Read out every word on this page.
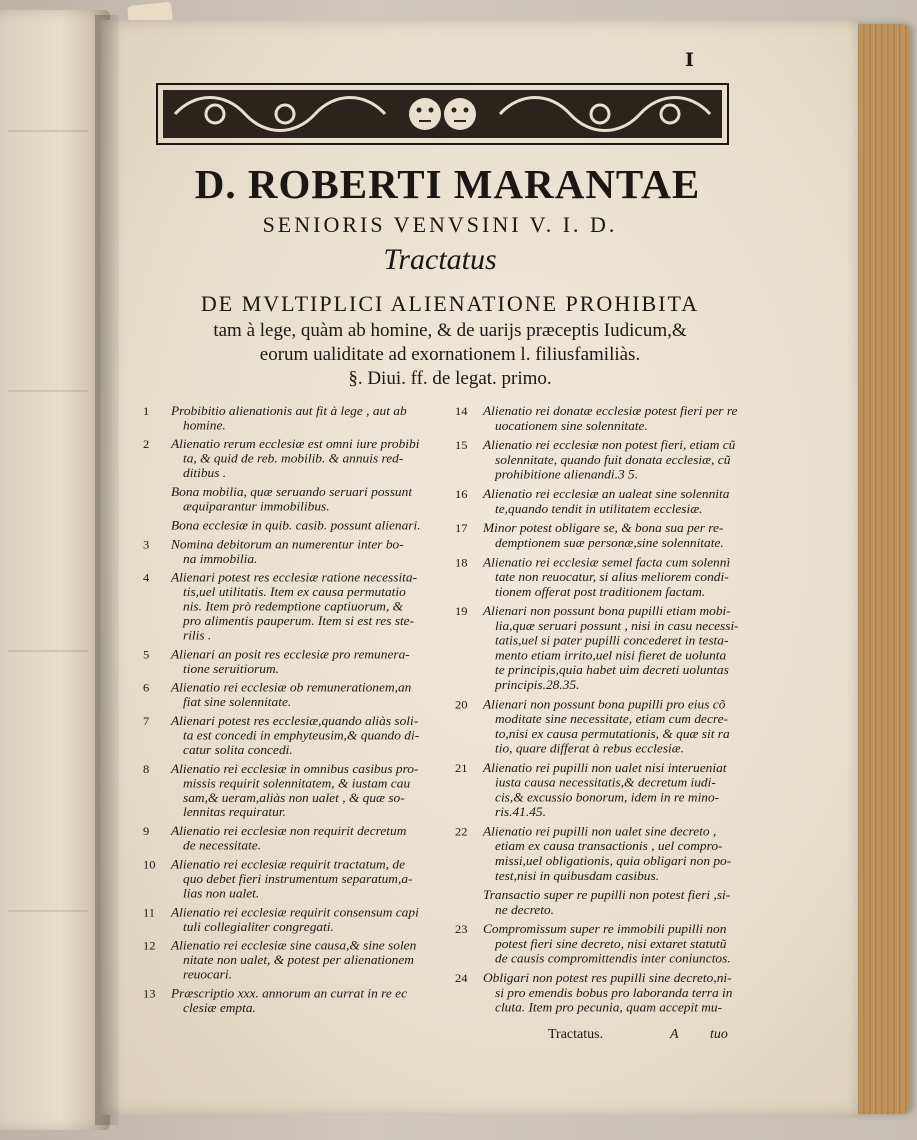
I
D. ROBERTI MARANTAE
SENIORIS VENVSINI V. I. D.
Tractatus
DE MVLTIPLICI ALIENATIONE PROHIBITA
tam à lege, quàm ab homine, & de uarijs præceptis Iudicum,&
eorum ualiditate ad exornationem l. filiusfamiliàs.
§. Diui. ff. de legat. primo.
1	Probibitio alienationis aut fit à lege , aut ab
homine.
2	Alienatio rerum ecclesiæ est omni iure probibi
ta, & quid de reb. mobilib. & annuis red-
ditibus .
Bona mobilia, quæ seruando seruari possunt
æquiparantur immobilibus.
Bona ecclesiæ in quib. casib. possunt alienari.
3	Nomina debitorum an numerentur inter bo-
na immobilia.
4	Alienari potest res ecclesiæ ratione necessita-
tis,uel utilitatis. Item ex causa permutatio
nis. Item prò redemptione captiuorum, &
pro alimentis pauperum. Item si est res ste-
rilis .
5	Alienari an posit res ecclesiæ pro remunera-
tione seruitiorum.
6	Alienatio rei ecclesiæ ob remunerationem,an
fiat sine solennitate.
7	Alienari potest res ecclesiæ,quando aliàs soli-
ta est concedi in emphyteusim,& quando di-
catur solita concedi.
8	Alienatio rei ecclesiæ in omnibus casibus pro-
missis requirit solennitatem, & iustam cau
sam,& ueram,aliàs non ualet , & quæ so-
lennitas requiratur.
9	Alienatio rei ecclesiæ non requirit decretum
de necessitate.
10	Alienatio rei ecclesiæ requirit tractatum, de
quo debet fieri instrumentum separatum,a-
lias non ualet.
11	Alienatio rei ecclesiæ requirit consensum capi
tuli collegialiter congregati.
12	Alienatio rei ecclesiæ sine causa,& sine solen
nitate non ualet, & potest per alienationem
reuocari.
13	Præscriptio xxx. annorum an currat in re ec
clesiæ empta.
14	Alienatio rei donatæ ecclesiæ potest fieri per re
uocationem sine solennitate.
15	Alienatio rei ecclesiæ non potest fieri, etiam cũ
solennitate, quando fuit donata ecclesiæ, cũ
prohibitione alienandi.3 5.
16	Alienatio rei ecclesiæ an ualeat sine solennita
te,quando tendit in utilitatem ecclesiæ.
17	Minor potest obligare se, & bona sua per re-
demptionem suæ personæ,sine solennitate.
18	Alienatio rei ecclesiæ semel facta cum solennì
tate non reuocatur, si alius meliorem condi-
tionem offerat post traditionem factam.
19	Alienari non possunt bona pupilli etiam mobi-
lia,quæ seruari possunt , nisi in casu necessi-
tatis,uel si pater pupilli concederet in testa-
mento etiam irrito,uel nisi fieret de uolunta
te principis,quia habet uim decreti uoluntas
principis.28.35.
20	Alienari non possunt bona pupilli pro eius cõ
moditate sine necessitate, etiam cum decre-
to,nisi ex causa permutationis, & quæ sit ra
tio, quare differat à rebus ecclesiæ.
21	Alienatio rei pupilli non ualet nisi interueniat
iusta causa necessitatis,& decretum iudi-
cis,& excussio bonorum, idem in re mino-
ris.41.45.
22	Alienatio rei pupilli non ualet sine decreto ,
etiam ex causa transactionis , uel compro-
missi,uel obligationis, quia obligari non po-
test,nisi in quibusdam casibus.
Transactio super re pupilli non potest fieri ,si-
ne decreto.
23	Compromissum super re immobili pupilli non
potest fieri sine decreto, nisi extaret statutũ
de causis compromittendis inter coniunctos.
24	Obligari non potest res pupilli sine decreto,ni-
si pro emendis bobus pro laboranda terra in
cluta. Item pro pecunia, quam accepit mu-
Tractatus.	A tuo
